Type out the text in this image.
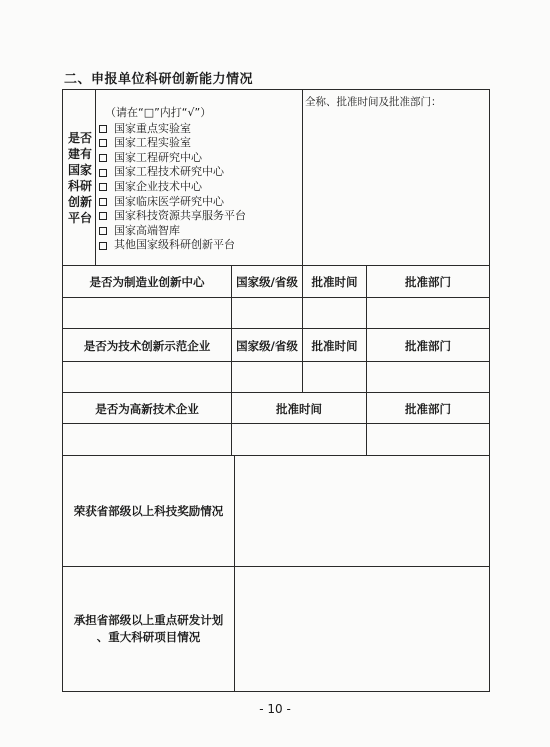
二、申报单位科研创新能力情况
是否
建有
国家
科研
创新
平台
（请在“□”内打“√”）
国家重点实验室
国家工程实验室
国家工程研究中心
国家工程技术研究中心
国家企业技术中心
国家临床医学研究中心
国家科技资源共享服务平台
国家高端智库
其他国家级科研创新平台
全称、批准时间及批准部门：
是否为制造业创新中心	国家级/省级	批准时间	批准部门
是否为技术创新示范企业	国家级/省级	批准时间	批准部门
是否为高新技术企业	批准时间	批准部门
荣获省部级以上科技奖励情况
承担省部级以上重点研发计划
、重大科研项目情况
- 10 -
